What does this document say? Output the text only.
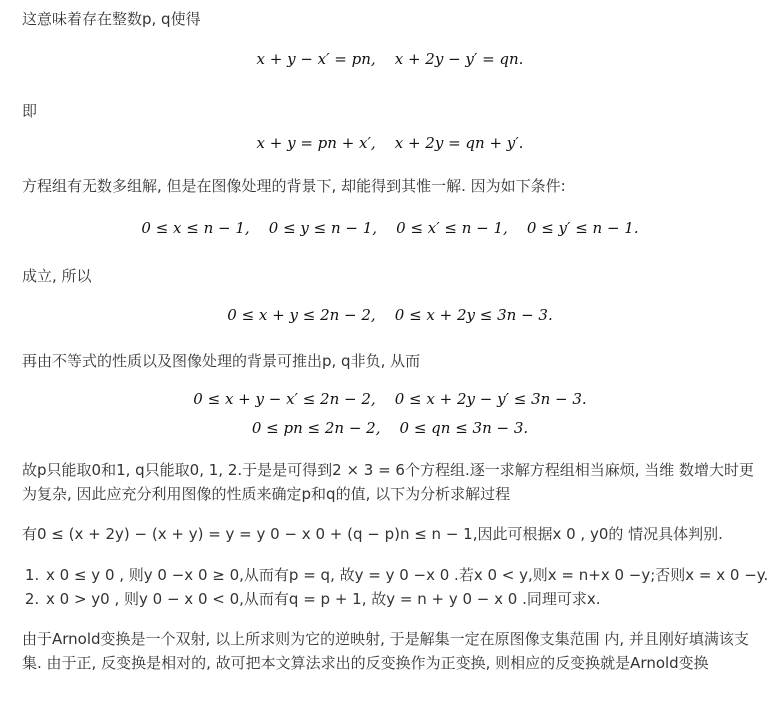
这意味着存在整数p, q使得
x + y − x′ = pn,    x + 2y − y′ = qn.
即
x + y = pn + x′,    x + 2y = qn + y′.
方程组有无数多组解, 但是在图像处理的背景下, 却能得到其惟一解. 因为如下条件:
0 ≤ x ≤ n − 1,    0 ≤ y ≤ n − 1,    0 ≤ x′ ≤ n − 1,    0 ≤ y′ ≤ n − 1.
成立, 所以
0 ≤ x + y ≤ 2n − 2,    0 ≤ x + 2y ≤ 3n − 3.
再由不等式的性质以及图像处理的背景可推出p, q非负, 从而
0 ≤ x + y − x′ ≤ 2n − 2,    0 ≤ x + 2y − y′ ≤ 3n − 3.
0 ≤ pn ≤ 2n − 2,    0 ≤ qn ≤ 3n − 3.
故p只能取0和1, q只能取0, 1, 2.于是是可得到2 × 3 = 6个方程组.逐一求解方程组相当麻烦, 当维 数增大时更为复杂, 因此应充分利用图像的性质来确定p和q的值, 以下为分析求解过程
有0 ≤ (x + 2y) − (x + y) = y = y 0 − x 0 + (q − p)n ≤ n − 1,因此可根据x 0 , y0的 情况具体判别.
1. x 0 ≤ y 0 , 则y 0 −x 0 ≥ 0,从而有p = q, 故y = y 0 −x 0 .若x 0 < y,则x = n+x 0 −y;否则x = x 0 −y.
2. x 0 > y0 , 则y 0 − x 0 < 0,从而有q = p + 1, 故y = n + y 0 − x 0 .同理可求x.
由于Arnold变换是一个双射, 以上所求则为它的逆映射, 于是解集一定在原图像支集范围 内, 并且刚好填满该支集. 由于正, 反变换是相对的, 故可把本文算法求出的反变换作为正变换, 则相应的反变换就是Arnold变换
